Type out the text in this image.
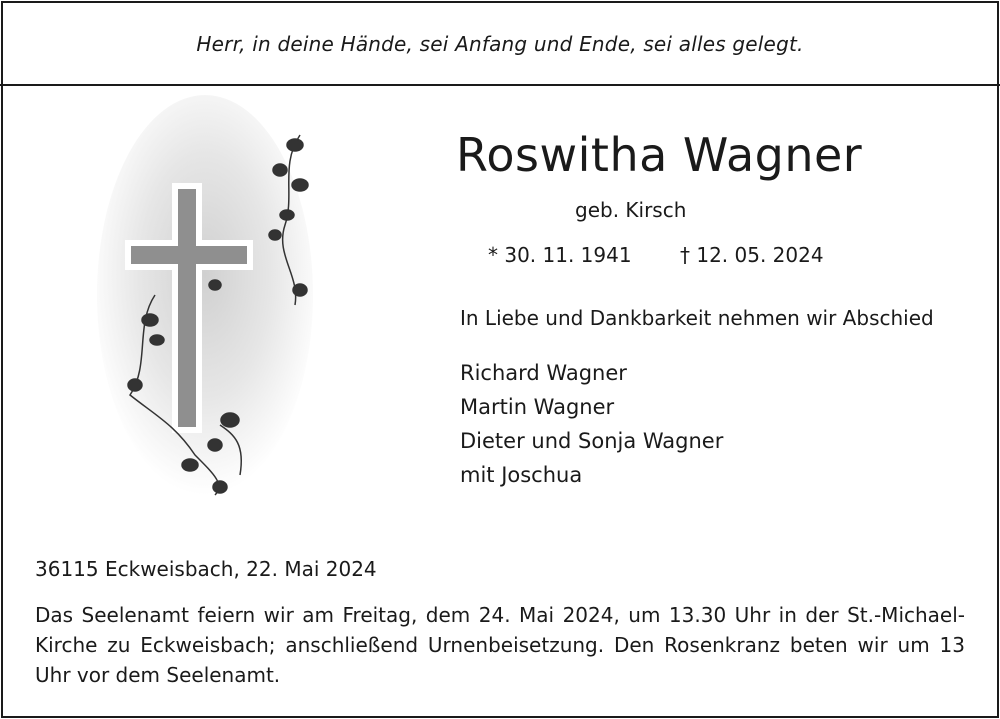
Herr, in deine Hände, sei Anfang und Ende, sei alles gelegt.
Roswitha Wagner
geb. Kirsch
* 30. 11. 1941 † 12. 05. 2024
In Liebe und Dankbarkeit nehmen wir Abschied
Richard Wagner
Martin Wagner
Dieter und Sonja Wagner
mit Joschua
36115 Eckweisbach, 22. Mai 2024
Das Seelenamt feiern wir am Freitag, dem 24. Mai 2024, um 13.30 Uhr in der St.-Michael-Kirche zu Eckweisbach; anschließend Urnenbeisetzung. Den Rosenkranz beten wir um 13 Uhr vor dem Seelenamt.
